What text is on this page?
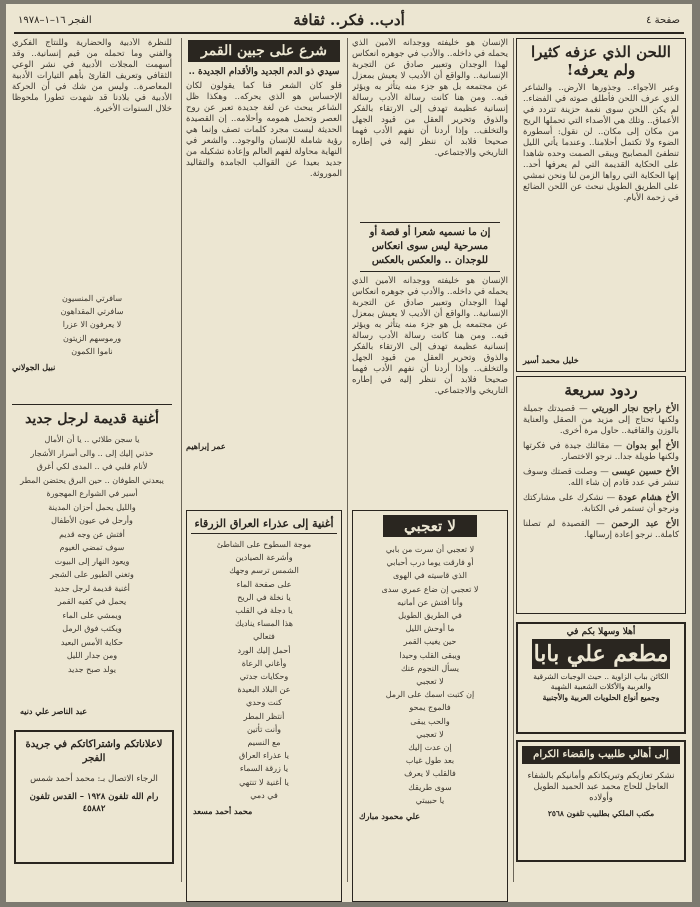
صفحة ٤
أدب.. فكر.. ثقافة
الفجر ١٦–١–١٩٧٨
اللحن الذي عزفه كثيرا ولم يعرفه!
وعبر الأجواء.. وجذورها الأرض.. والشاعر الذي عرف اللحن فأطلق صوته في الفضاء.. لم يكن اللحن سوى نغمة حزينة تتردد في الأعماق.. وتلك هي الأصداء التي تحملها الريح من مكان إلى مكان.. لن نقول: أسطورة الضوء ولا تكتمل أحلامنا.. وعندما يأتي الليل تنطفئ المصابيح ويبقى الصمت وحده شاهدا على الحكاية القديمة التي لم يعرفها أحد.. إنها الحكاية التي رواها الزمن لنا ونحن نمشي على الطريق الطويل نبحث عن اللحن الضائع في زحمة الأيام.
خليل محمد أسير
ردود سريعة
الأخ راجح نجار الوريتي — قصيدتك جميلة ولكنها تحتاج إلى مزيد من الصقل والعناية بالوزن والقافية.. حاول مرة أخرى.
الأخ أبو بدوان — مقالتك جيدة في فكرتها ولكنها طويلة جدا.. نرجو الاختصار.
الأخ حسين عيسى — وصلت قصتك وسوف تنشر في عدد قادم إن شاء الله.
الأخ هشام عودة — نشكرك على مشاركتك ونرجو أن تستمر في الكتابة.
الأخ عبد الرحمن — القصيدة لم تصلنا كاملة.. نرجو إعادة إرسالها.
أهلا وسهلا بكم في
مطعم علي بابا
الكائن بباب الزاوية .. حيث الوجبات الشرقية والغربية والأكلات الشعبية الشهية
وجميع أنواع الحلويات العربية والأجنبية
إلى أهالي طلبيب والقضاء الكرام
نشكر تعازيكم وتبريكاتكم وأمانيكم بالشفاء العاجل للحاج محمد عبد الحميد الطويل وأولاده
مكتب الملكي بطلبيب تلفون ٢٥٦٨
الإنسان هو خليفته ووجدانه الأمين الذي يحمله في داخله.. والأدب في جوهره انعكاس لهذا الوجدان وتعبير صادق عن التجربة الإنسانية.. والواقع أن الأديب لا يعيش بمعزل عن مجتمعه بل هو جزء منه يتأثر به ويؤثر فيه.. ومن هنا كانت رسالة الأدب رسالة إنسانية عظيمة تهدف إلى الارتقاء بالفكر والذوق وتحرير العقل من قيود الجهل والتخلف.. وإذا أردنا أن نفهم الأدب فهما صحيحا فلابد أن ننظر إليه في إطاره التاريخي والاجتماعي.
إن ما نسميه شعرا أو قصة أو مسرحية ليس سوى انعكاس للوجدان .. والعكس بالعكس
الإنسان هو خليفته ووجدانه الأمين الذي يحمله في داخله.. والأدب في جوهره انعكاس لهذا الوجدان وتعبير صادق عن التجربة الإنسانية.. والواقع أن الأديب لا يعيش بمعزل عن مجتمعه بل هو جزء منه يتأثر به ويؤثر فيه.. ومن هنا كانت رسالة الأدب رسالة إنسانية عظيمة تهدف إلى الارتقاء بالفكر والذوق وتحرير العقل من قيود الجهل والتخلف.. وإذا أردنا أن نفهم الأدب فهما صحيحا فلابد أن ننظر إليه في إطاره التاريخي والاجتماعي.
لا تعجبي
لا تعجبي أن سرت من بابي
أو فارقت يوما درب أحبابي
الذي قاسيته في الهوى
لا تعجبي إن ضاع عمري سدى
وأنا أفتش عن أمانيه
في الطريق الطويل
ما أوحش الليل
حين يغيب القمر
ويبقى القلب وحيدا
يسأل النجوم عنك
لا تعجبي
إن كتبت اسمك على الرمل
فالموج يمحو
والحب يبقى
لا تعجبي
إن عدت إليك
بعد طول غياب
فالقلب لا يعرف
سوى طريقك
يا حبيبتي
علي محمود مبارك
شرع على جبين القمر
سيدي ذو الدم الجديد والأقدام الجديدة ..
فلو كان الشعر فنا كما يقولون لكان الإحساس هو الذي يحركه.. وهكذا ظل الشاعر يبحث عن لغة جديدة تعبر عن روح العصر وتحمل همومه وأحلامه.. إن القصيدة الحديثة ليست مجرد كلمات تصف وإنما هي رؤية شاملة للإنسان والوجود.. والشعر في النهاية محاولة لفهم العالم وإعادة تشكيله من جديد بعيدا عن القوالب الجامدة والتقاليد الموروثة.
عمر إبراهيم
أغنية إلى عذراء العراق الزرقاء
موجة السطوح على الشاطئ
وأشرعة الصيادين
الشمس ترسم وجهك
على صفحة الماء
يا نخلة في الريح
يا دجلة في القلب
هذا المساء يناديك
فتعالي
أحمل إليك الورد
وأغاني الرعاة
وحكايات جدتي
عن البلاد البعيدة
كنت وحدي
أنتظر المطر
وأنت تأتين
مع النسيم
يا عذراء العراق
يا زرقة السماء
يا أغنية لا تنتهي
في دمي
محمد أحمد مسعد
للنظرة الأدبية والحضارية وللنتاج الفكري والفني وما تحمله من قيم إنسانية.. وقد أسهمت المجلات الأدبية في نشر الوعي الثقافي وتعريف القارئ بأهم التيارات الأدبية المعاصرة.. وليس من شك في أن الحركة الأدبية في بلادنا قد شهدت تطورا ملحوظا خلال السنوات الأخيرة.
سافرتي المنسيون
سافرتي المقداهون
لا يعرفون الا عزرا
ورموسهم الزيتون
ناموا الكمون
نبيل الجولاني
أغنية قديمة لرجل جديد
يا سجن طلائي .. يا أن الأمال
خذني إليك إلى .. والى أسرار الأشجار
لأنام قلبي في .. المدى لكي أغرق
يبعدني الطوفان .. حين البرق يحتضن المطر
أسير في الشوارع المهجورة
والليل يحمل أحزان المدينة
وأرحل في عيون الأطفال
أفتش عن وجه قديم
سوف تمضي الغيوم
ويعود النهار إلى البيوت
وتغني الطيور على الشجر
أغنية قديمة لرجل جديد
يحمل في كفيه القمر
ويمشي على الماء
ويكتب فوق الرمل
حكاية الأمس البعيد
ومن جدار الليل
يولد صبح جديد
عبد الناصر علي دنيه
لاعلاناتكم واشتراكاتكم في جريدة الفجر
الرجاء الاتصال بـ: محمد أحمد شمس
رام الله تلفون ١٩٢٨ – القدس تلفون ٤٥٨٨٢
